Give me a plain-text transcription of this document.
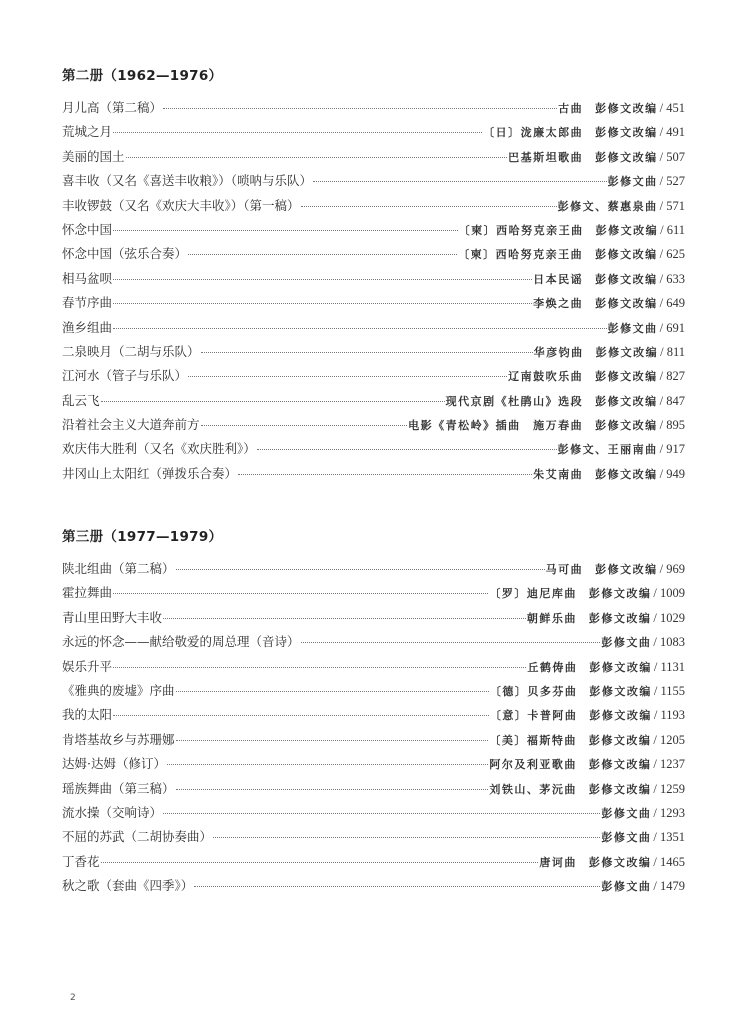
第二册（1962—1976）
月儿高（第二稿）	古曲 彭修文改编 / 451
荒城之月	〔日〕泷廉太郎曲 彭修文改编 / 491
美丽的国土	巴基斯坦歌曲 彭修文改编 / 507
喜丰收（又名《喜送丰收粮》）（唢呐与乐队）	彭修文曲 / 527
丰收锣鼓（又名《欢庆大丰收》）（第一稿）	彭修文、蔡惠泉曲 / 571
怀念中国	〔柬〕西哈努克亲王曲 彭修文改编 / 611
怀念中国（弦乐合奏）	〔柬〕西哈努克亲王曲 彭修文改编 / 625
相马盆呗	日本民谣 彭修文改编 / 633
春节序曲	李焕之曲 彭修文改编 / 649
渔乡组曲	彭修文曲 / 691
二泉映月（二胡与乐队）	华彦钧曲 彭修文改编 / 811
江河水（管子与乐队）	辽南鼓吹乐曲 彭修文改编 / 827
乱云飞	现代京剧《杜鹃山》选段 彭修文改编 / 847
沿着社会主义大道奔前方	电影《青松岭》插曲　施万春曲 彭修文改编 / 895
欢庆伟大胜利（又名《欢庆胜利》）	彭修文、王丽南曲 / 917
井冈山上太阳红（弹拨乐合奏）	朱艾南曲 彭修文改编 / 949
第三册（1977—1979）
陕北组曲（第二稿）	马可曲 彭修文改编 / 969
霍拉舞曲	〔罗〕迪尼库曲 彭修文改编 / 1009
青山里田野大丰收	朝鲜乐曲 彭修文改编 / 1029
永远的怀念——献给敬爱的周总理（音诗）	彭修文曲 / 1083
娱乐升平	丘鹤俦曲 彭修文改编 / 1131
《雅典的废墟》序曲	〔德〕贝多芬曲 彭修文改编 / 1155
我的太阳	〔意〕卡普阿曲 彭修文改编 / 1193
肯塔基故乡与苏珊娜	〔美〕福斯特曲 彭修文改编 / 1205
达姆·达姆（修订）	阿尔及利亚歌曲 彭修文改编 / 1237
瑶族舞曲（第三稿）	刘铁山、茅沅曲 彭修文改编 / 1259
流水操（交响诗）	彭修文曲 / 1293
不屈的苏武（二胡协奏曲）	彭修文曲 / 1351
丁香花	唐诃曲 彭修文改编 / 1465
秋之歌（套曲《四季》）	彭修文曲 / 1479
2
